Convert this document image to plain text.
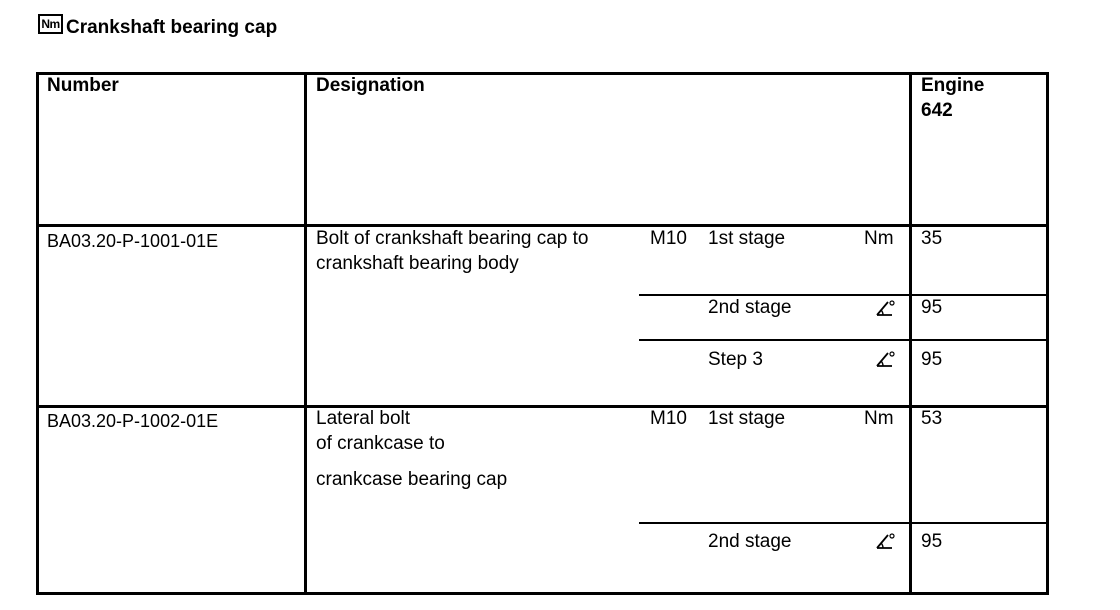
Nm Crankshaft bearing cap
Number	Designation	Engine
642
BA03.20-P-1001-01E	Bolt of crankshaft bearing cap to
crankshaft bearing body
M10 1st stage	Nm 35
2nd stage	95
Step 3	95
BA03.20-P-1002-01E	Lateral bolt
of crankcase to
crankcase bearing cap
M10 1st stage	Nm 53
2nd stage	95
